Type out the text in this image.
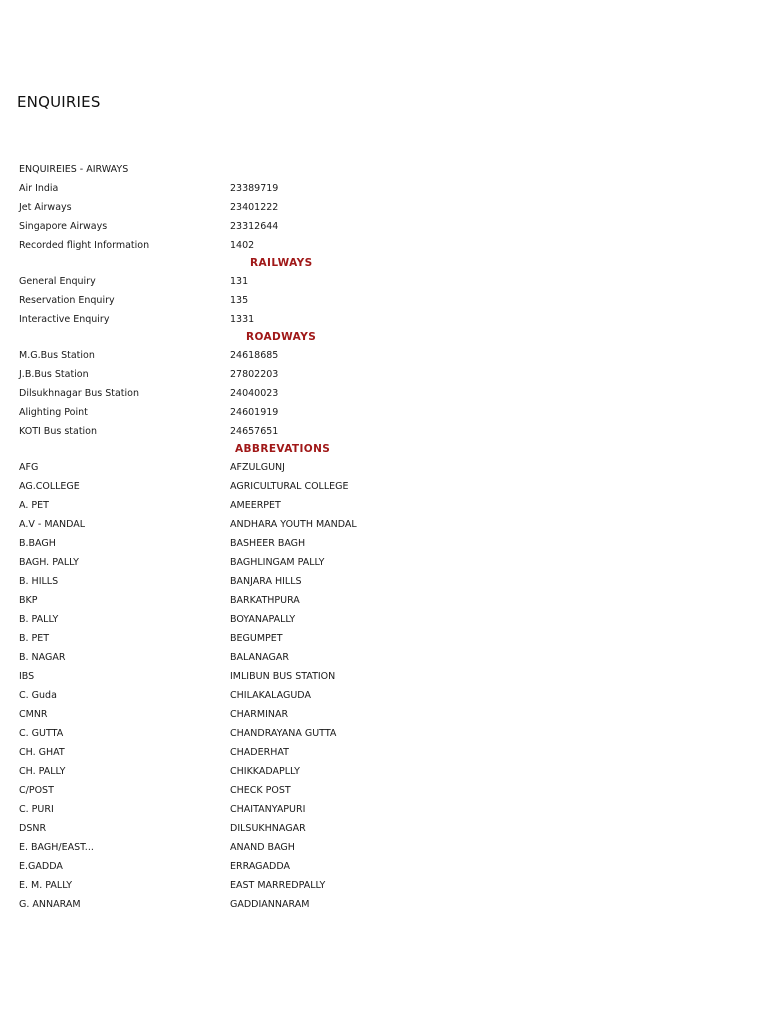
ENQUIRIES
ENQUIREIES - AIRWAYS
Air India	23389719
Jet Airways	23401222
Singapore Airways	23312644
Recorded flight Information	1402
RAILWAYS
General Enquiry	131
Reservation Enquiry	135
Interactive Enquiry	1331
ROADWAYS
M.G.Bus Station	24618685
J.B.Bus Station	27802203
Dilsukhnagar Bus Station	24040023
Alighting Point	24601919
KOTI Bus station	24657651
ABBREVATIONS
AFG	AFZULGUNJ
AG.COLLEGE	AGRICULTURAL COLLEGE
A. PET	AMEERPET
A.V - MANDAL	ANDHARA YOUTH MANDAL
B.BAGH	BASHEER BAGH
BAGH. PALLY	BAGHLINGAM PALLY
B. HILLS	BANJARA HILLS
BKP	BARKATHPURA
B. PALLY	BOYANAPALLY
B. PET	BEGUMPET
B. NAGAR	BALANAGAR
IBS	IMLIBUN BUS STATION
C. Guda	CHILAKALAGUDA
CMNR	CHARMINAR
C. GUTTA	CHANDRAYANA GUTTA
CH. GHAT	CHADERHAT
CH. PALLY	CHIKKADAPLLY
C/POST	CHECK POST
C. PURI	CHAITANYAPURI
DSNR	DILSUKHNAGAR
E. BAGH/EAST...	ANAND BAGH
E.GADDA	ERRAGADDA
E. M. PALLY	EAST MARREDPALLY
G. ANNARAM	GADDIANNARAM
